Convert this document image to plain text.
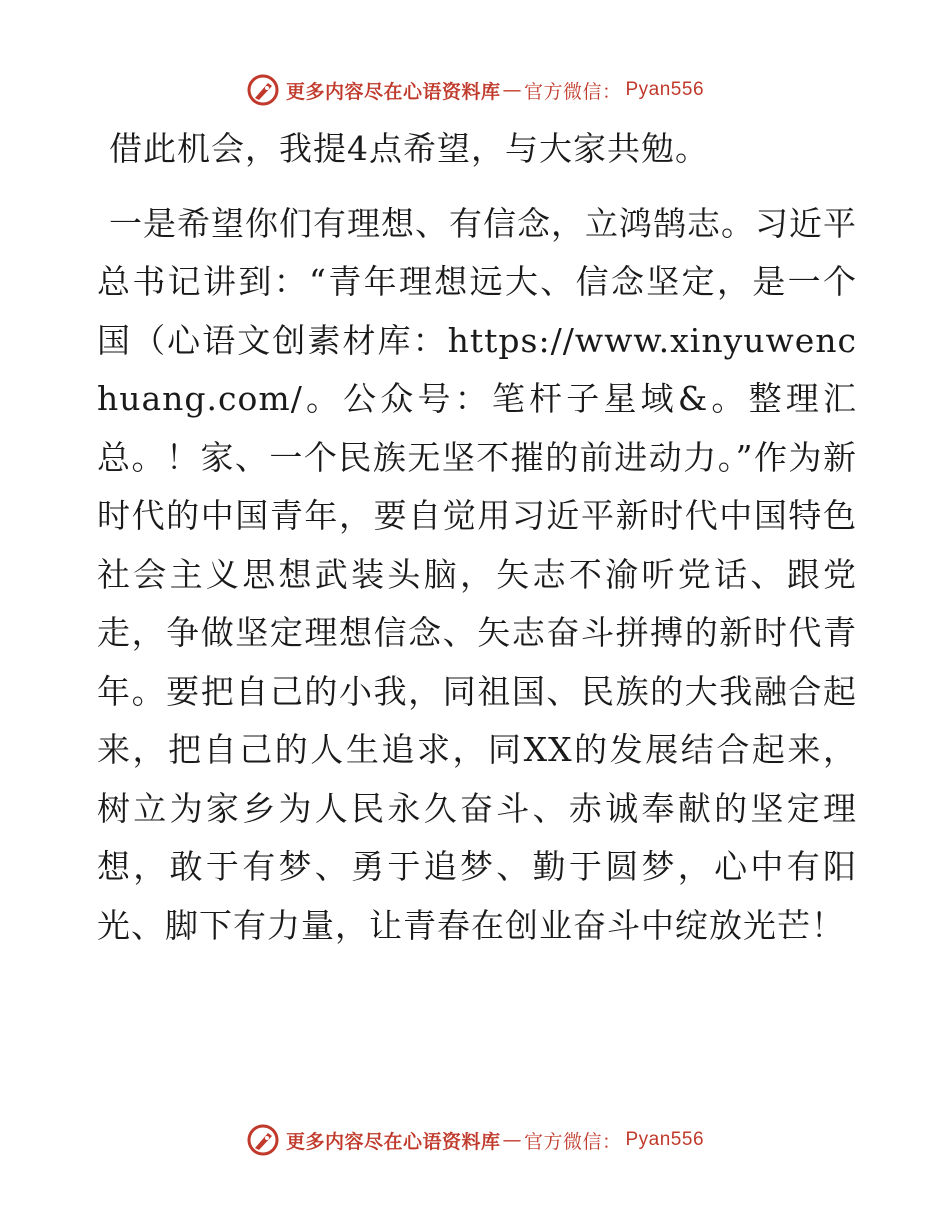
更多内容尽在心语资料库 — 官方微信： Pyan556

借此机会，我提4点希望，与大家共勉。

一是希望你们有理想、有信念，立鸿鹄志。习近平总书记讲到：“青年理想远大、信念坚定，是一个国（心语文创素材库：https://www.xinyuwenchuang.com/。公众号：笔杆子星域&。整理汇总。！家、一个民族无坚不摧的前进动力。”作为新时代的中国青年，要自觉用习近平新时代中国特色社会主义思想武装头脑，矢志不渝听党话、跟党走，争做坚定理想信念、矢志奋斗拼搏的新时代青年。要把自己的小我，同祖国、民族的大我融合起来，把自己的人生追求，同XX的发展结合起来，树立为家乡为人民永久奋斗、赤诚奉献的坚定理想，敢于有梦、勇于追梦、勤于圆梦，心中有阳光、脚下有力量，让青春在创业奋斗中绽放光芒！

更多内容尽在心语资料库 — 官方微信： Pyan556
